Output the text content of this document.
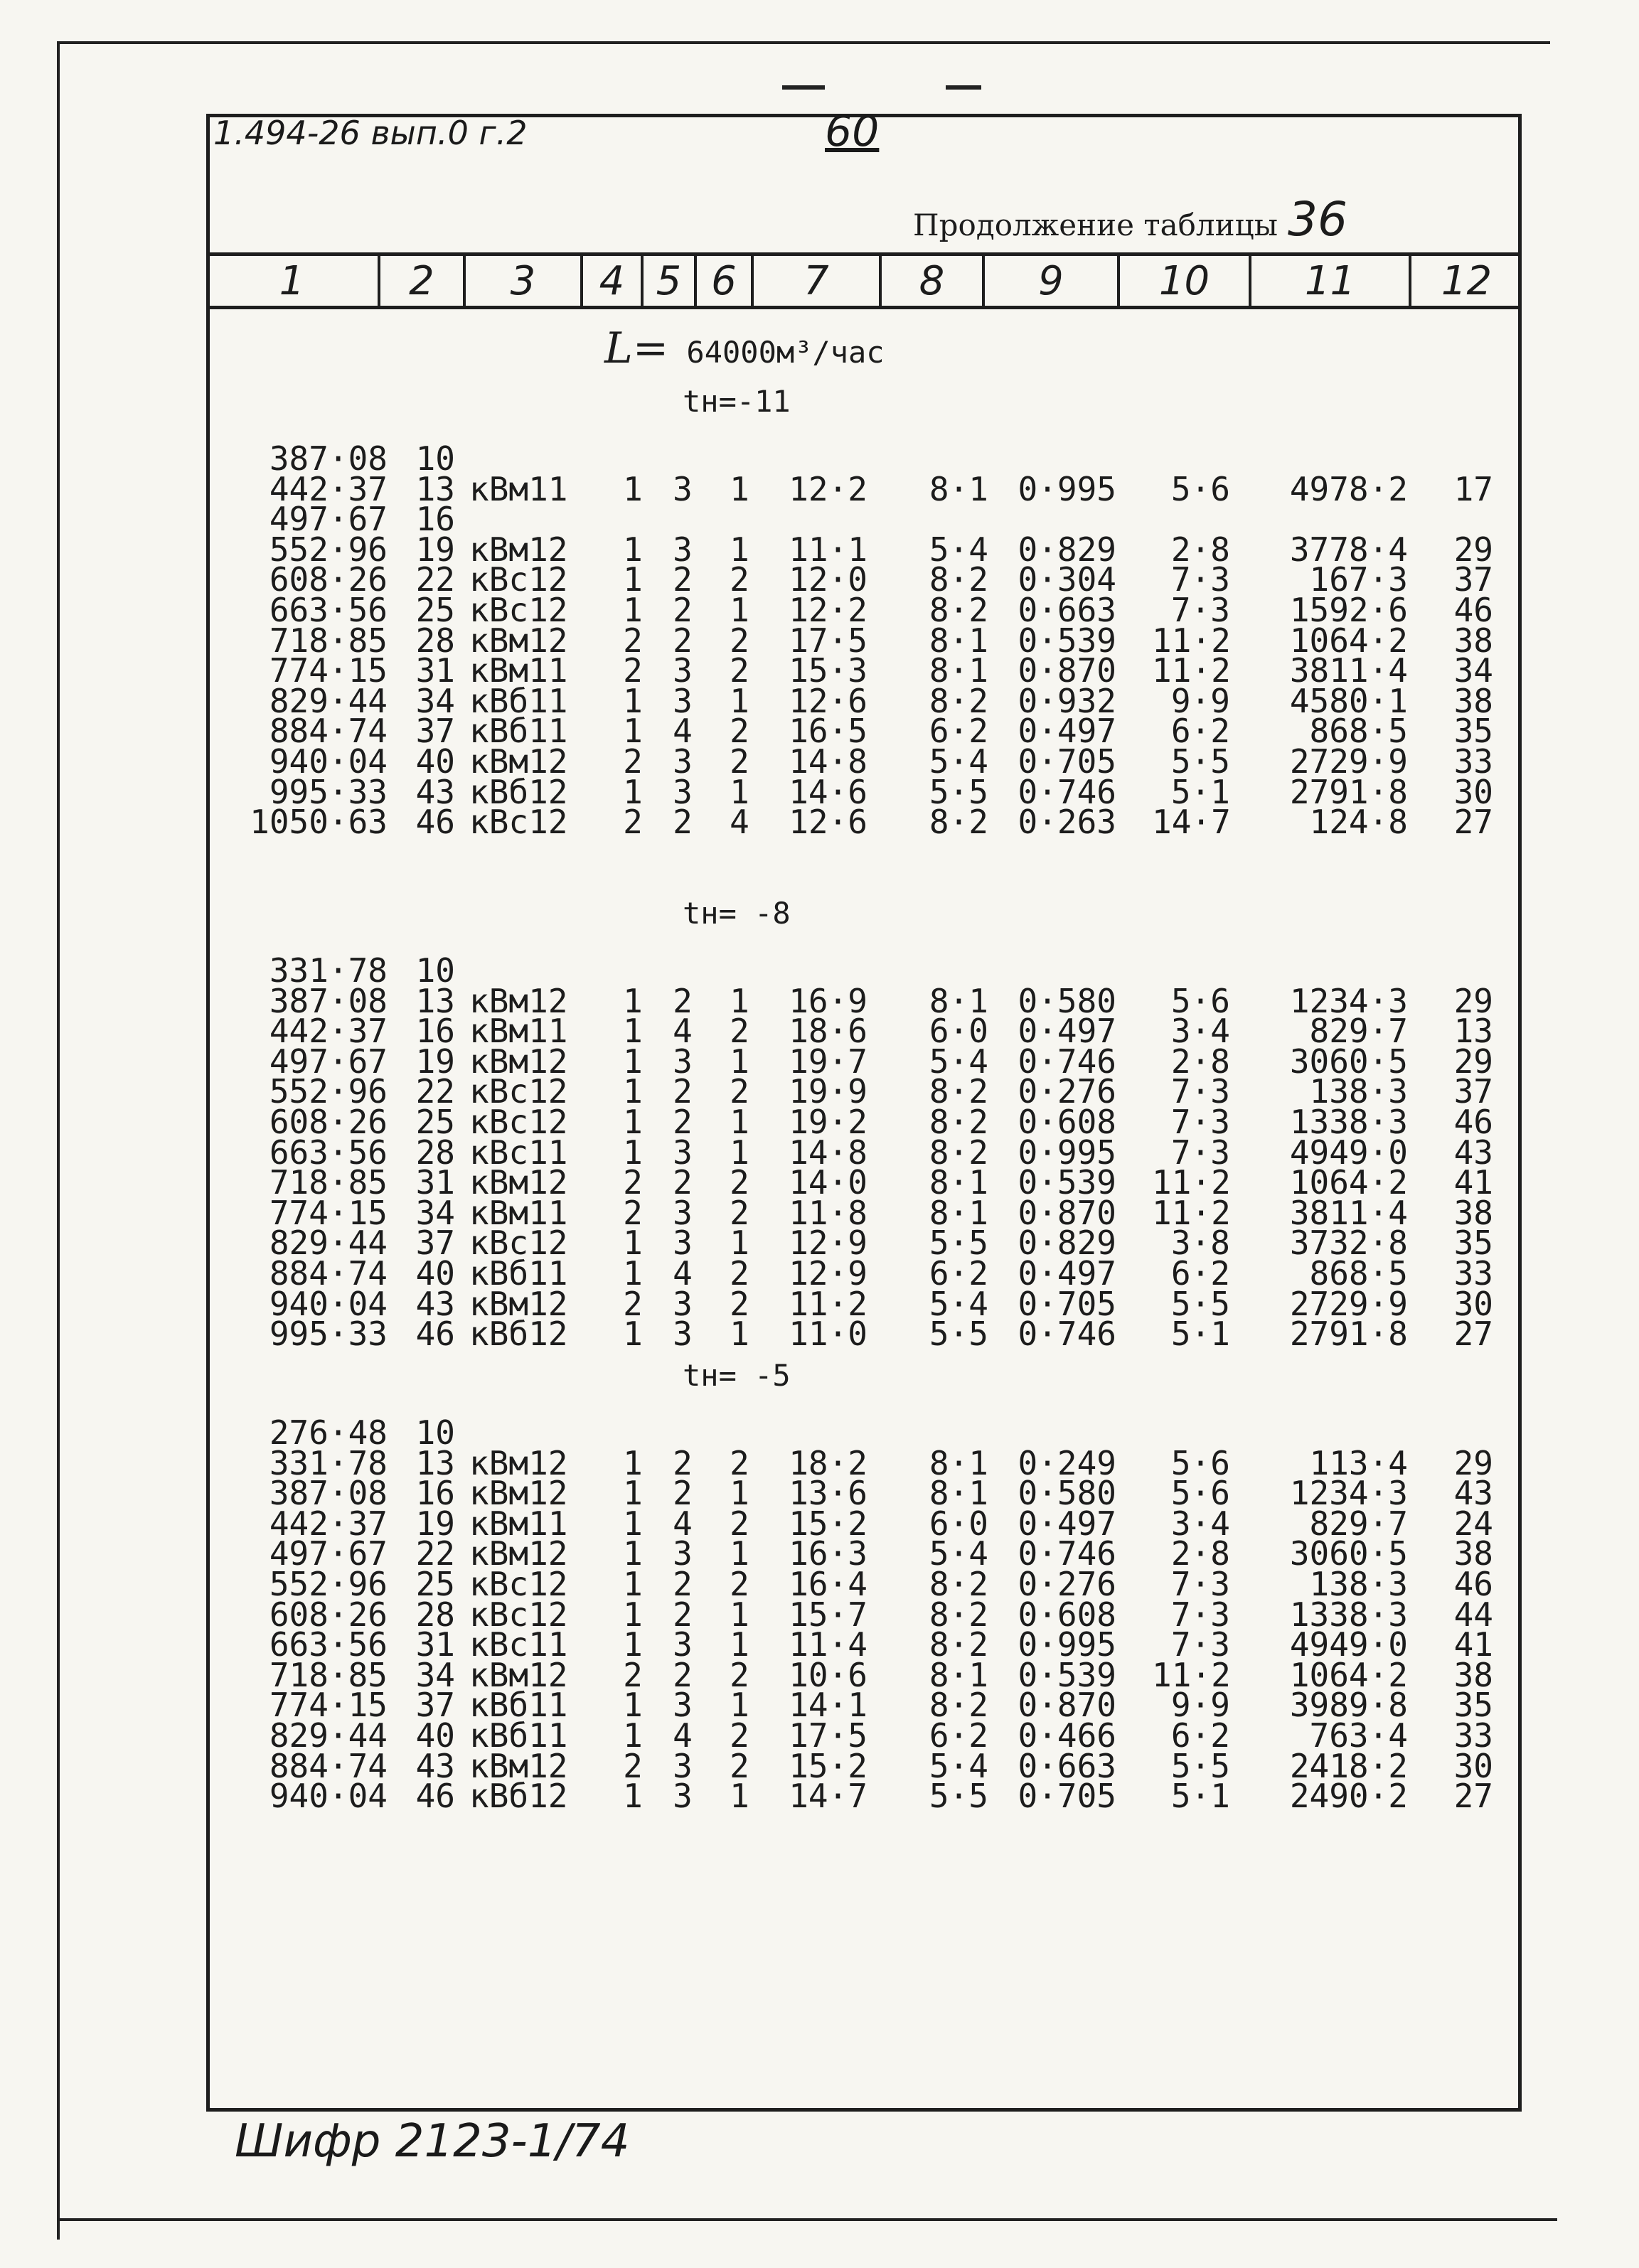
1.494-26 вып.0 г.2	60
Продолжение таблицы 36
1	2	3	4 5 6	7	8	9	10	11	12
L= 64000м³/час
tн=-11
387·08 10
442·37 13 кВм11	1 3 1 12·2	8·1 0·995	5·6	4978·2	17
497·67 16
552·96 19 кВм12	1 3 1 11·1	5·4 0·829	2·8	3778·4	29
608·26 22 кВс12	1 2 2 12·0	8·2 0·304	7·3	167·3	37
663·56 25 кВс12	1 2 1 12·2	8·2 0·663	7·3	1592·6	46
718·85 28 кВм12	2 2 2 17·5	8·1 0·539 11·2	1064·2	38
774·15 31 кВм11	2 3 2 15·3	8·1 0·870 11·2	3811·4	34
829·44 34 кВб11	1 3 1 12·6	8·2 0·932	9·9	4580·1	38
884·74 37 кВб11	1 4 2 16·5	6·2 0·497	6·2	868·5	35
940·04 40 кВм12	2 3 2 14·8	5·4 0·705	5·5	2729·9	33
995·33 43 кВб12	1 3 1 14·6	5·5 0·746	5·1	2791·8	30
1050·63 46 кВс12	2 2 4 12·6	8·2 0·263 14·7	124·8	27
tн= -8
331·78 10
387·08 13 кВм12	1 2 1 16·9	8·1 0·580	5·6	1234·3	29
442·37 16 кВм11	1 4 2 18·6	6·0 0·497	3·4	829·7	13
497·67 19 кВм12	1 3 1 19·7	5·4 0·746	2·8	3060·5	29
552·96 22 кВс12	1 2 2 19·9	8·2 0·276	7·3	138·3	37
608·26 25 кВс12	1 2 1 19·2	8·2 0·608	7·3	1338·3	46
663·56 28 кВс11	1 3 1 14·8	8·2 0·995	7·3	4949·0	43
718·85 31 кВм12	2 2 2 14·0	8·1 0·539 11·2	1064·2	41
774·15 34 кВм11	2 3 2 11·8	8·1 0·870 11·2	3811·4	38
829·44 37 кВс12	1 3 1 12·9	5·5 0·829	3·8	3732·8	35
884·74 40 кВб11	1 4 2 12·9	6·2 0·497	6·2	868·5	33
940·04 43 кВм12	2 3 2 11·2	5·4 0·705	5·5	2729·9	30
995·33 46 кВб12	1 3 1 11·0	5·5 0·746	5·1	2791·8	27
tн= -5
276·48 10
331·78 13 кВм12	1 2 2 18·2	8·1 0·249	5·6	113·4	29
387·08 16 кВм12	1 2 1 13·6	8·1 0·580	5·6	1234·3	43
442·37 19 кВм11	1 4 2 15·2	6·0 0·497	3·4	829·7	24
497·67 22 кВм12	1 3 1 16·3	5·4 0·746	2·8	3060·5	38
552·96 25 кВс12	1 2 2 16·4	8·2 0·276	7·3	138·3	46
608·26 28 кВс12	1 2 1 15·7	8·2 0·608	7·3	1338·3	44
663·56 31 кВс11	1 3 1 11·4	8·2 0·995	7·3	4949·0	41
718·85 34 кВм12	2 2 2 10·6	8·1 0·539 11·2	1064·2	38
774·15 37 кВб11	1 3 1 14·1	8·2 0·870	9·9	3989·8	35
829·44 40 кВб11	1 4 2 17·5	6·2 0·466	6·2	763·4	33
884·74 43 кВм12	2 3 2 15·2	5·4 0·663	5·5	2418·2	30
940·04 46 кВб12	1 3 1 14·7	5·5 0·705	5·1	2490·2	27
Шифр 2123-1/74
